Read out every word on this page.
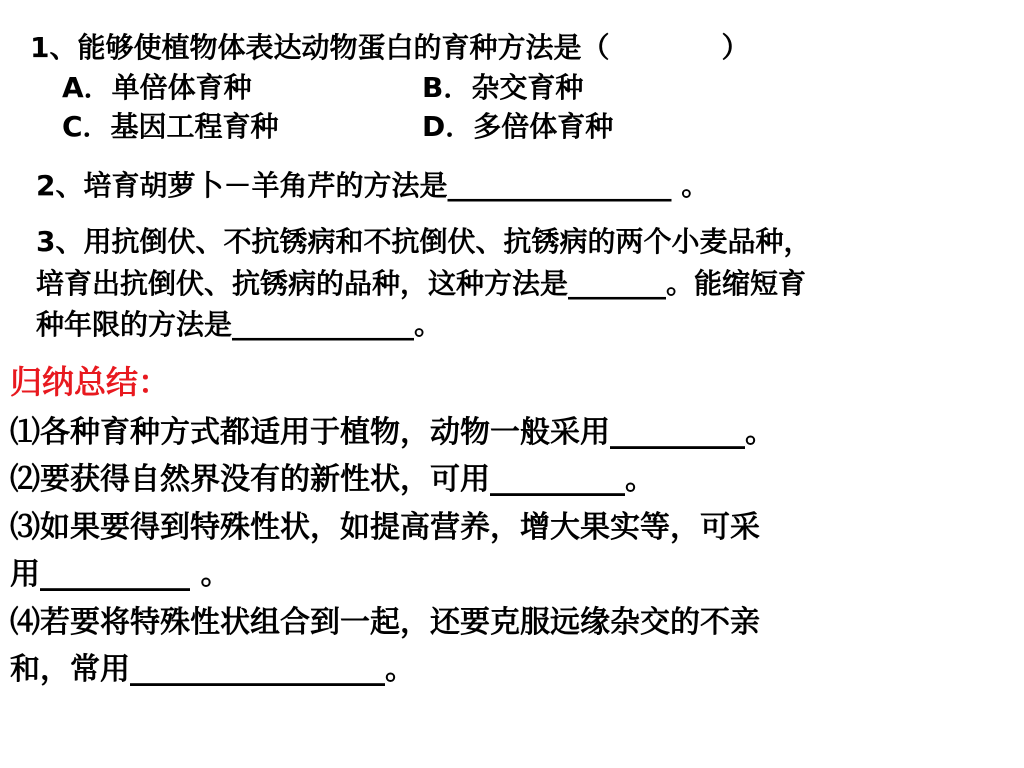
1、能够使植物体表达动物蛋白的育种方法是（　　　　）
A．单倍体育种	B．杂交育种
C．基因工程育种	D．多倍体育种
2、培育胡萝卜－羊角芹的方法是________________ 。
3、用抗倒伏、不抗锈病和不抗倒伏、抗锈病的两个小麦品种，
培育出抗倒伏、抗锈病的品种，这种方法是_______。能缩短育
种年限的方法是_____________。
归纳总结：
⑴各种育种方式都适用于植物，动物一般采用_________。
⑵要获得自然界没有的新性状，可用_________。
⑶如果要得到特殊性状，如提高营养，增大果实等，可采
用__________ 。
⑷若要将特殊性状组合到一起，还要克服远缘杂交的不亲
和，常用_________________。
